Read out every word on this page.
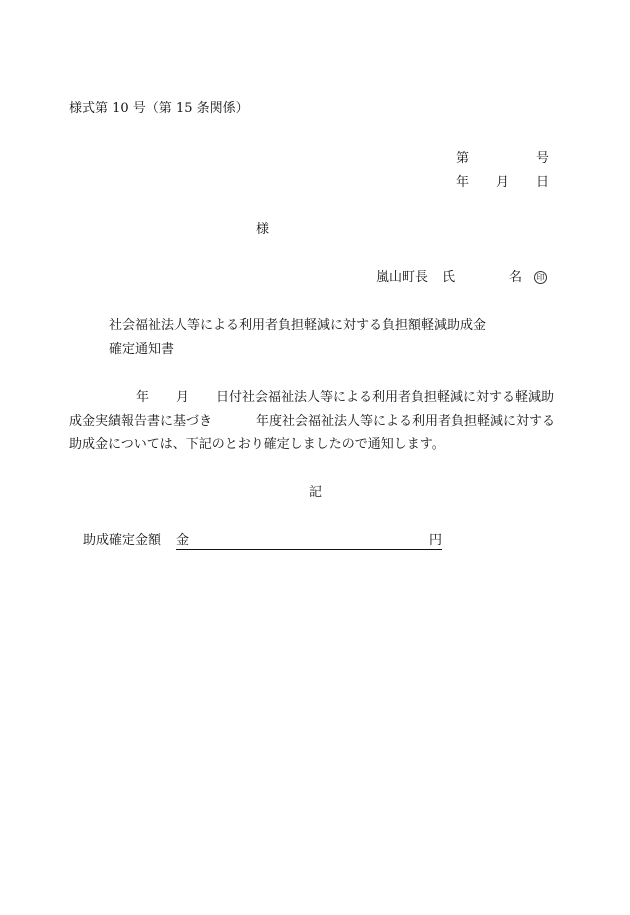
様式第 10 号（第 15 条関係）
第	号
年 月 日
様
嵐山町長 氏	名	印
社会福祉法人等による利用者負担軽減に対する負担額軽減助成金
確定通知書
年 月 日付社会福祉法人等による利用者負担軽減に対する軽減助
成金実績報告書に基づき	年度社会福祉法人等による利用者負担軽減に対する
助成金については、下記のとおり確定しましたので通知します。
記
助成確定金額 金	円
